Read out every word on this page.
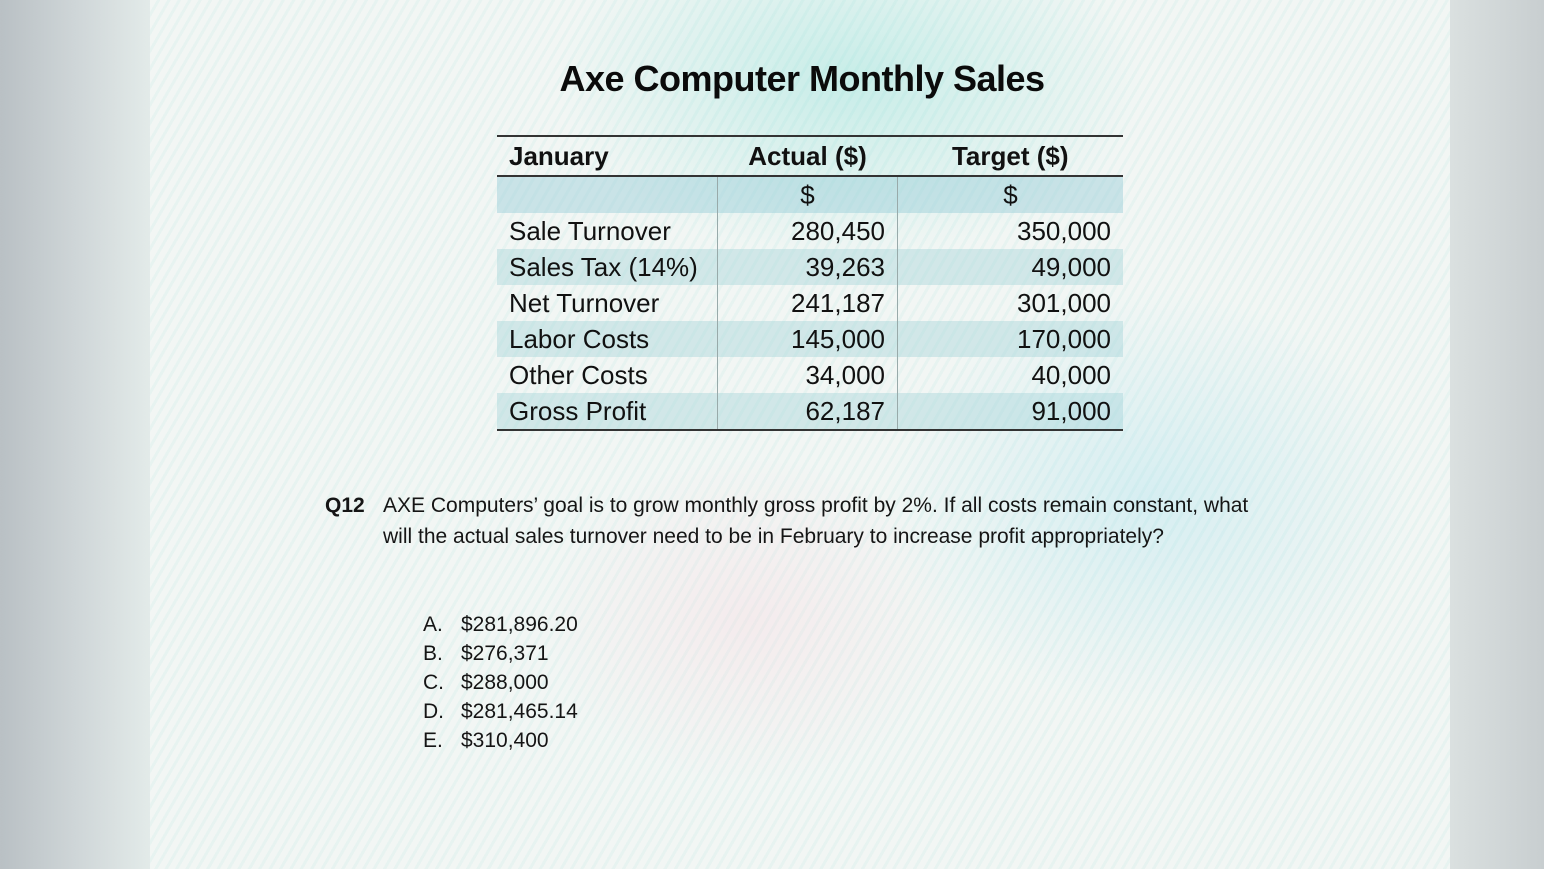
Axe Computer Monthly Sales
January	Actual ($)	Target ($)
	$	$
Sale Turnover	280,450	350,000
Sales Tax (14%)	39,263	49,000
Net Turnover	241,187	301,000
Labor Costs	145,000	170,000
Other Costs	34,000	40,000
Gross Profit	62,187	91,000
Q12 AXE Computers’ goal is to grow monthly gross profit by 2%. If all costs remain constant, what will the actual sales turnover need to be in February to increase profit appropriately?
A. $281,896.20
B. $276,371
C. $288,000
D. $281,465.14
E. $310,400
